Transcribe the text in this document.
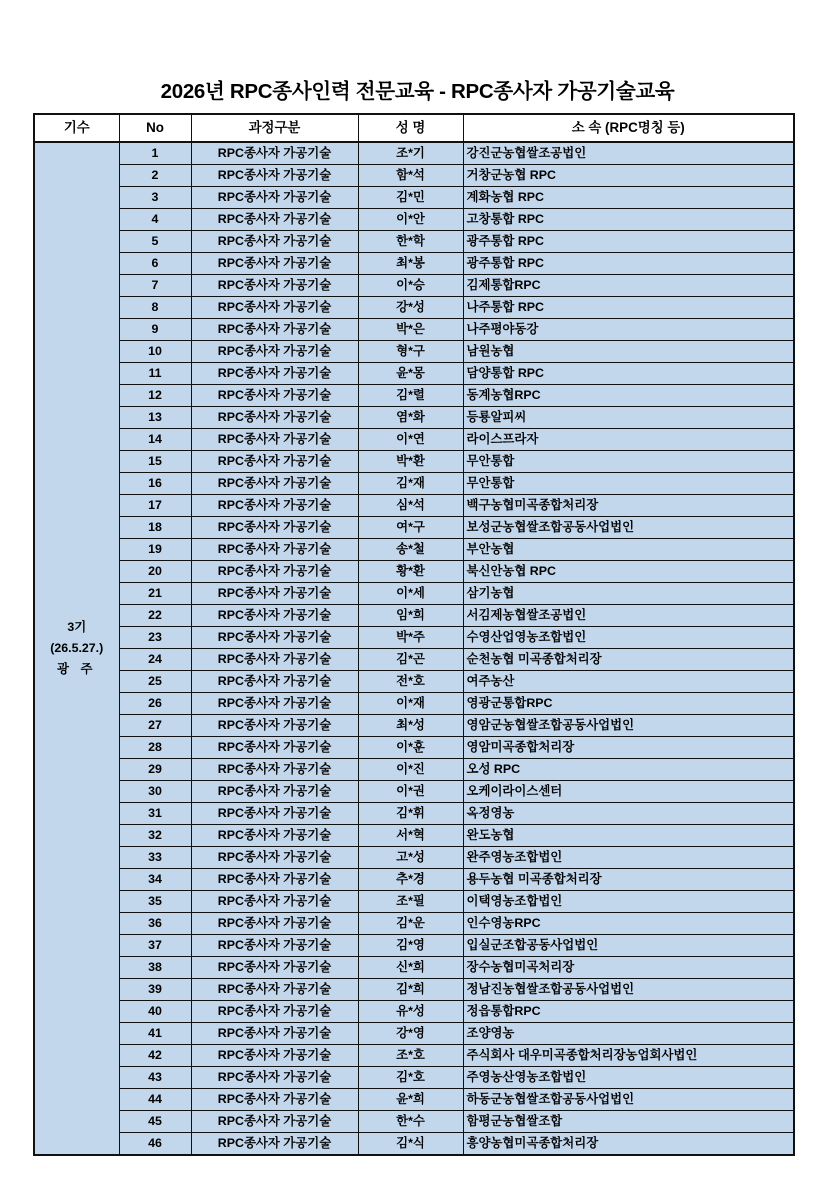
2026년 RPC종사인력 전문교육 - RPC종사자 가공기술교육
기수	No	과정구분	성 명	소 속 (RPC명칭 등)

3기
(26.5.27.)
광 주	1	RPC종사자 가공기술	조*기	강진군농협쌀조공법인
	2	RPC종사자 가공기술	함*석	거창군농협 RPC
	3	RPC종사자 가공기술	김*민	계화농협 RPC
	4	RPC종사자 가공기술	이*안	고창통합 RPC
	5	RPC종사자 가공기술	한*학	광주통합 RPC
	6	RPC종사자 가공기술	최*봉	광주통합 RPC
	7	RPC종사자 가공기술	이*승	김제통합RPC
	8	RPC종사자 가공기술	강*성	나주통합 RPC
	9	RPC종사자 가공기술	박*은	나주평야동강
	10	RPC종사자 가공기술	형*구	남원농협
	11	RPC종사자 가공기술	윤*몽	담양통합 RPC
	12	RPC종사자 가공기술	김*렬	동계농협RPC
	13	RPC종사자 가공기술	염*화	등룡알피씨
	14	RPC종사자 가공기술	이*연	라이스프라자
	15	RPC종사자 가공기술	박*환	무안통합
	16	RPC종사자 가공기술	김*재	무안통합
	17	RPC종사자 가공기술	심*석	백구농협미곡종합처리장
	18	RPC종사자 가공기술	여*구	보성군농협쌀조합공동사업법인
	19	RPC종사자 가공기술	송*철	부안농협
	20	RPC종사자 가공기술	황*환	북신안농협 RPC
	21	RPC종사자 가공기술	이*세	삼기농협
	22	RPC종사자 가공기술	임*희	서김제농협쌀조공법인
	23	RPC종사자 가공기술	박*주	수영산업영농조합법인
	24	RPC종사자 가공기술	김*곤	순천농협 미곡종합처리장
	25	RPC종사자 가공기술	전*호	여주농산
	26	RPC종사자 가공기술	이*재	영광군통합RPC
	27	RPC종사자 가공기술	최*성	영암군농협쌀조합공동사업법인
	28	RPC종사자 가공기술	이*훈	영암미곡종합처리장
	29	RPC종사자 가공기술	이*진	오성 RPC
	30	RPC종사자 가공기술	이*권	오케이라이스센터
	31	RPC종사자 가공기술	김*휘	옥정영농
	32	RPC종사자 가공기술	서*혁	완도농협
	33	RPC종사자 가공기술	고*성	완주영농조합법인
	34	RPC종사자 가공기술	추*경	용두농협 미곡종합처리장
	35	RPC종사자 가공기술	조*필	이택영농조합법인
	36	RPC종사자 가공기술	김*운	인수영농RPC
	37	RPC종사자 가공기술	김*영	입실군조합공동사업법인
	38	RPC종사자 가공기술	신*희	장수농협미곡처리장
	39	RPC종사자 가공기술	김*희	정남진농협쌀조합공동사업법인
	40	RPC종사자 가공기술	유*성	정읍통합RPC
	41	RPC종사자 가공기술	강*영	조양영농
	42	RPC종사자 가공기술	조*호	주식회사 대우미곡종합처리장농업회사법인
	43	RPC종사자 가공기술	김*호	주영농산영농조합법인
	44	RPC종사자 가공기술	윤*희	하동군농협쌀조합공동사업법인
	45	RPC종사자 가공기술	한*수	함평군농협쌀조합
	46	RPC종사자 가공기술	김*식	흥양농협미곡종합처리장
